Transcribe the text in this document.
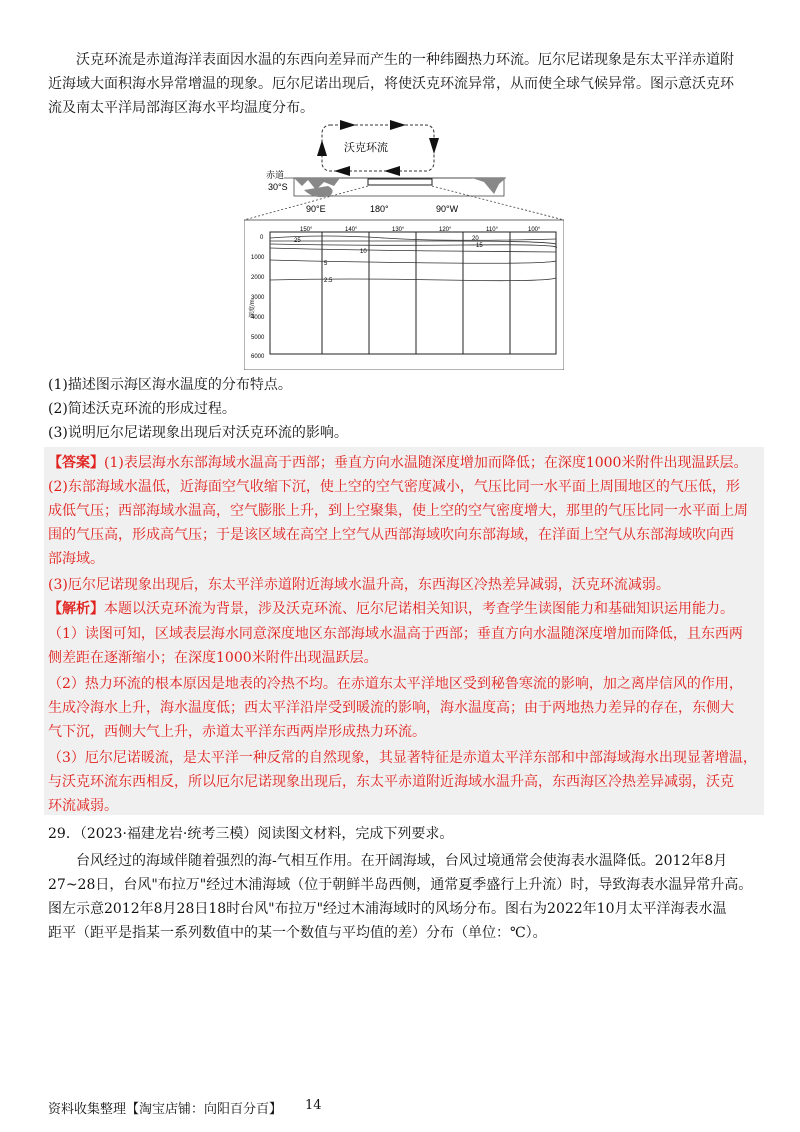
沃克环流是赤道海洋表面因水温的东西向差异而产生的一种纬圈热力环流。厄尔尼诺现象是东太平洋赤道附
近海域大面积海水异常增温的现象。厄尔尼诺出现后，将使沃克环流异常，从而使全球气候异常。图示意沃克环
流及南太平洋局部海区海水平均温度分布。
沃克环流
赤道
30°S
90°E	180°	90°W
150°	140°	130°	120°	110°	100°
0
1000
2000
3000
4000
5000
6000
深度/m
25	20
15
10
5
2.5
(1)描述图示海区海水温度的分布特点。
(2)简述沃克环流的形成过程。
(3)说明厄尔尼诺现象出现后对沃克环流的影响。
【答案】(1)表层海水东部海域水温高于西部；垂直方向水温随深度增加而降低；在深度1000米附件出现温跃层。
(2)东部海域水温低，近海面空气收缩下沉，使上空的空气密度减小，气压比同一水平面上周围地区的气压低，形
成低气压；西部海域水温高，空气膨胀上升，到上空聚集，使上空的空气密度增大，那里的气压比同一水平面上周
围的气压高，形成高气压；于是该区域在高空上空气从西部海域吹向东部海域，在洋面上空气从东部海域吹向西
部海域。
(3)厄尔尼诺现象出现后，东太平洋赤道附近海域水温升高，东西海区冷热差异减弱，沃克环流减弱。
【解析】本题以沃克环流为背景，涉及沃克环流、厄尔尼诺相关知识，考查学生读图能力和基础知识运用能力。
（1）读图可知，区域表层海水同意深度地区东部海域水温高于西部；垂直方向水温随深度增加而降低，且东西两
侧差距在逐渐缩小；在深度1000米附件出现温跃层。
（2）热力环流的根本原因是地表的冷热不均。在赤道东太平洋地区受到秘鲁寒流的影响，加之离岸信风的作用，
生成冷海水上升，海水温度低；西太平洋沿岸受到暖流的影响，海水温度高；由于两地热力差异的存在，东侧大
气下沉，西侧大气上升，赤道太平洋东西两岸形成热力环流。
（3）厄尔尼诺暖流，是太平洋一种反常的自然现象，其显著特征是赤道太平洋东部和中部海域海水出现显著增温，
与沃克环流东西相反，所以厄尔尼诺现象出现后，东太平赤道附近海域水温升高，东西海区冷热差异减弱，沃克
环流减弱。
29．（2023·福建龙岩·统考三模）阅读图文材料，完成下列要求。
台风经过的海域伴随着强烈的海-气相互作用。在开阔海域，台风过境通常会使海表水温降低。2012年8月
27~28日，台风"布拉万"经过木浦海域（位于朝鲜半岛西侧，通常夏季盛行上升流）时，导致海表水温异常升高。
图左示意2012年8月28日18时台风"布拉万"经过木浦海域时的风场分布。图右为2022年10月太平洋海表水温
距平（距平是指某一系列数值中的某一个数值与平均值的差）分布（单位：℃）。
资料收集整理【淘宝店铺：向阳百分百】 14
